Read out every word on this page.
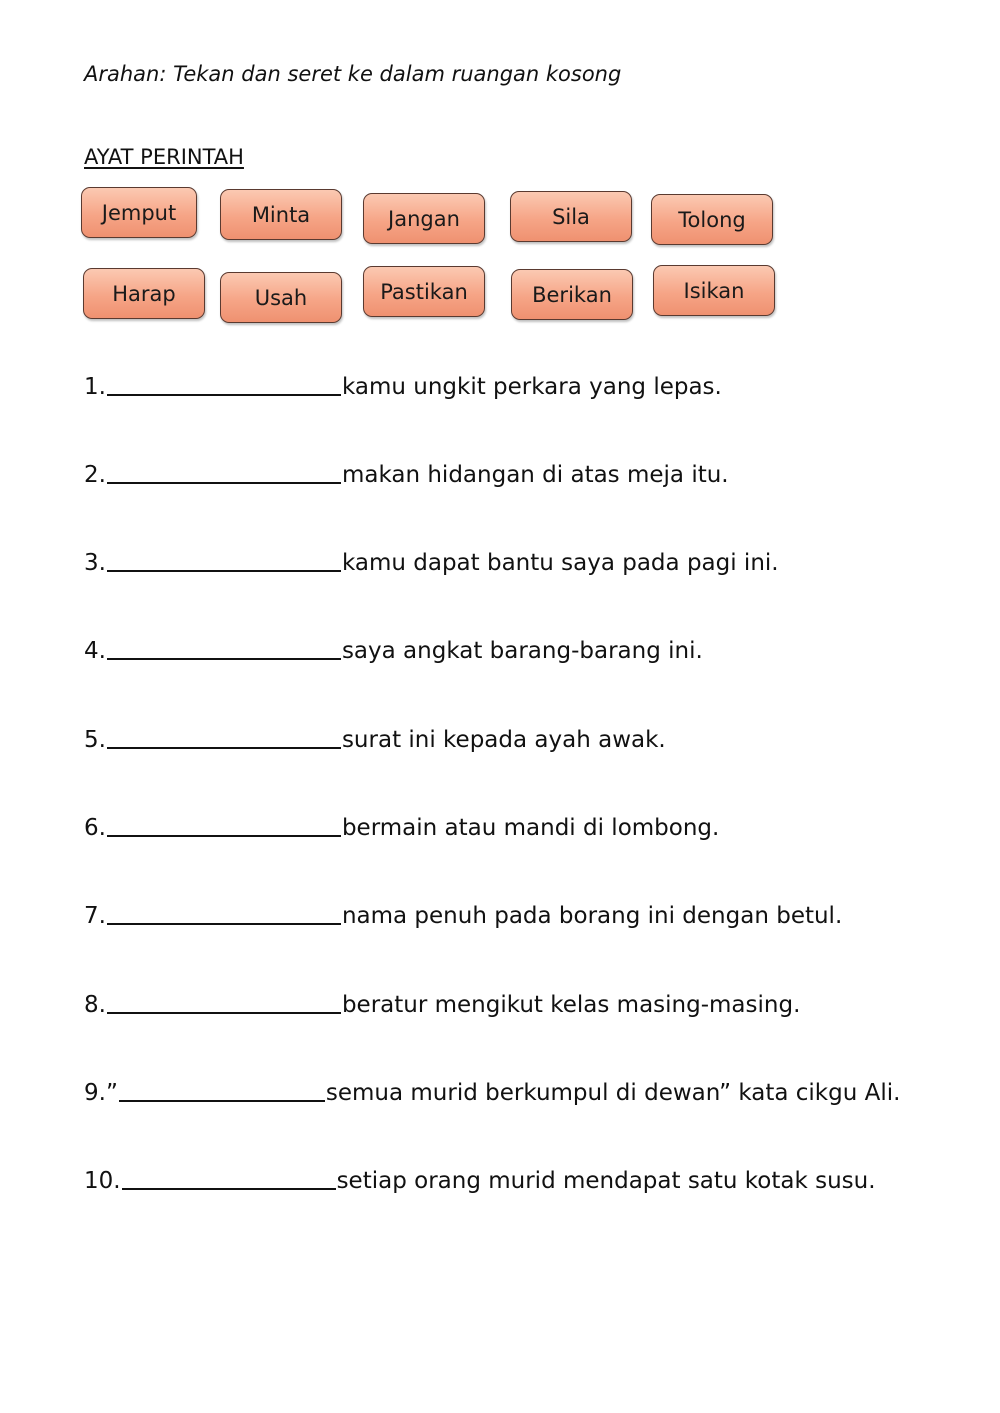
Arahan: Tekan dan seret ke dalam ruangan kosong
AYAT PERINTAH
Jemput	Minta	Jangan	Sila	Tolong
Harap	Usah	Pastikan	Berikan	Isikan
1.	kamu ungkit perkara yang lepas.
2.	makan hidangan di atas meja itu.
3.	kamu dapat bantu saya pada pagi ini.
4.	saya angkat barang-barang ini.
5.	surat ini kepada ayah awak.
6.	bermain atau mandi di lombong.
7.	nama penuh pada borang ini dengan betul.
8.	beratur mengikut kelas masing-masing.
9.”	semua murid berkumpul di dewan” kata cikgu Ali.
10.	setiap orang murid mendapat satu kotak susu.
